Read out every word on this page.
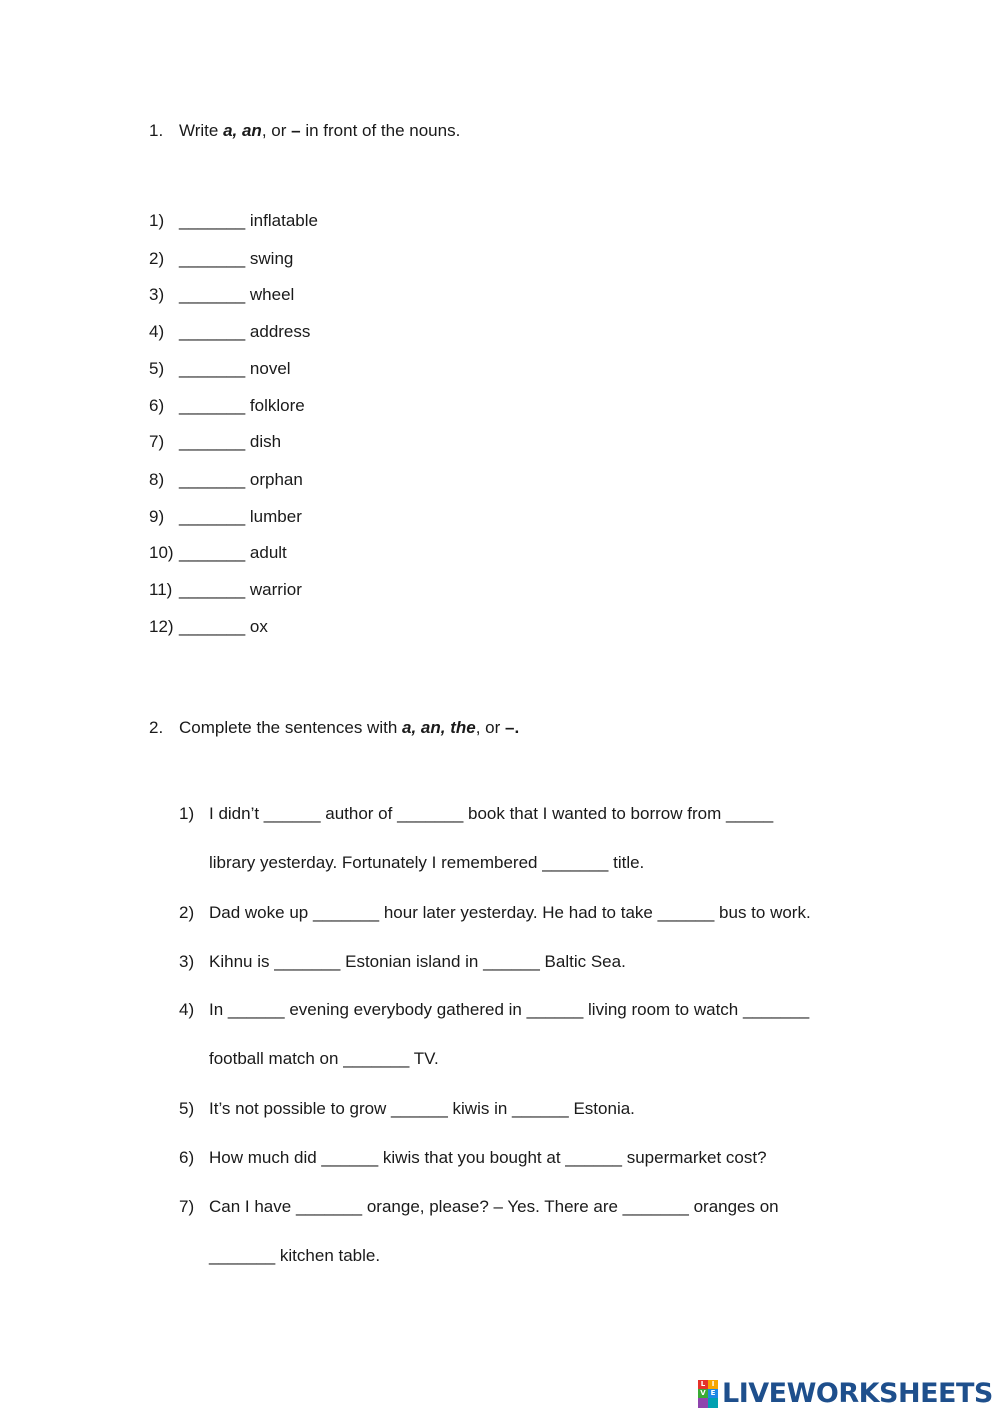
1. Write a, an, or – in front of the nouns.
1) _______ inflatable
2) _______ swing
3) _______ wheel
4) _______ address
5) _______ novel
6) _______ folklore
7) _______ dish
8) _______ orphan
9) _______ lumber
10) _______ adult
11) _______ warrior
12) _______ ox
2. Complete the sentences with a, an, the, or –.
1) I didn’t ______ author of _______ book that I wanted to borrow from _____
library yesterday. Fortunately I remembered _______ title.
2) Dad woke up _______ hour later yesterday. He had to take ______ bus to work.
3) Kihnu is _______ Estonian island in ______ Baltic Sea.
4) In ______ evening everybody gathered in ______ living room to watch _______
football match on _______ TV.
5) It’s not possible to grow ______ kiwis in ______ Estonia.
6) How much did ______ kiwis that you bought at ______ supermarket cost?
7) Can I have _______ orange, please? – Yes. There are _______ oranges on
_______ kitchen table.
L I
V E LIVEWORKSHEETS
